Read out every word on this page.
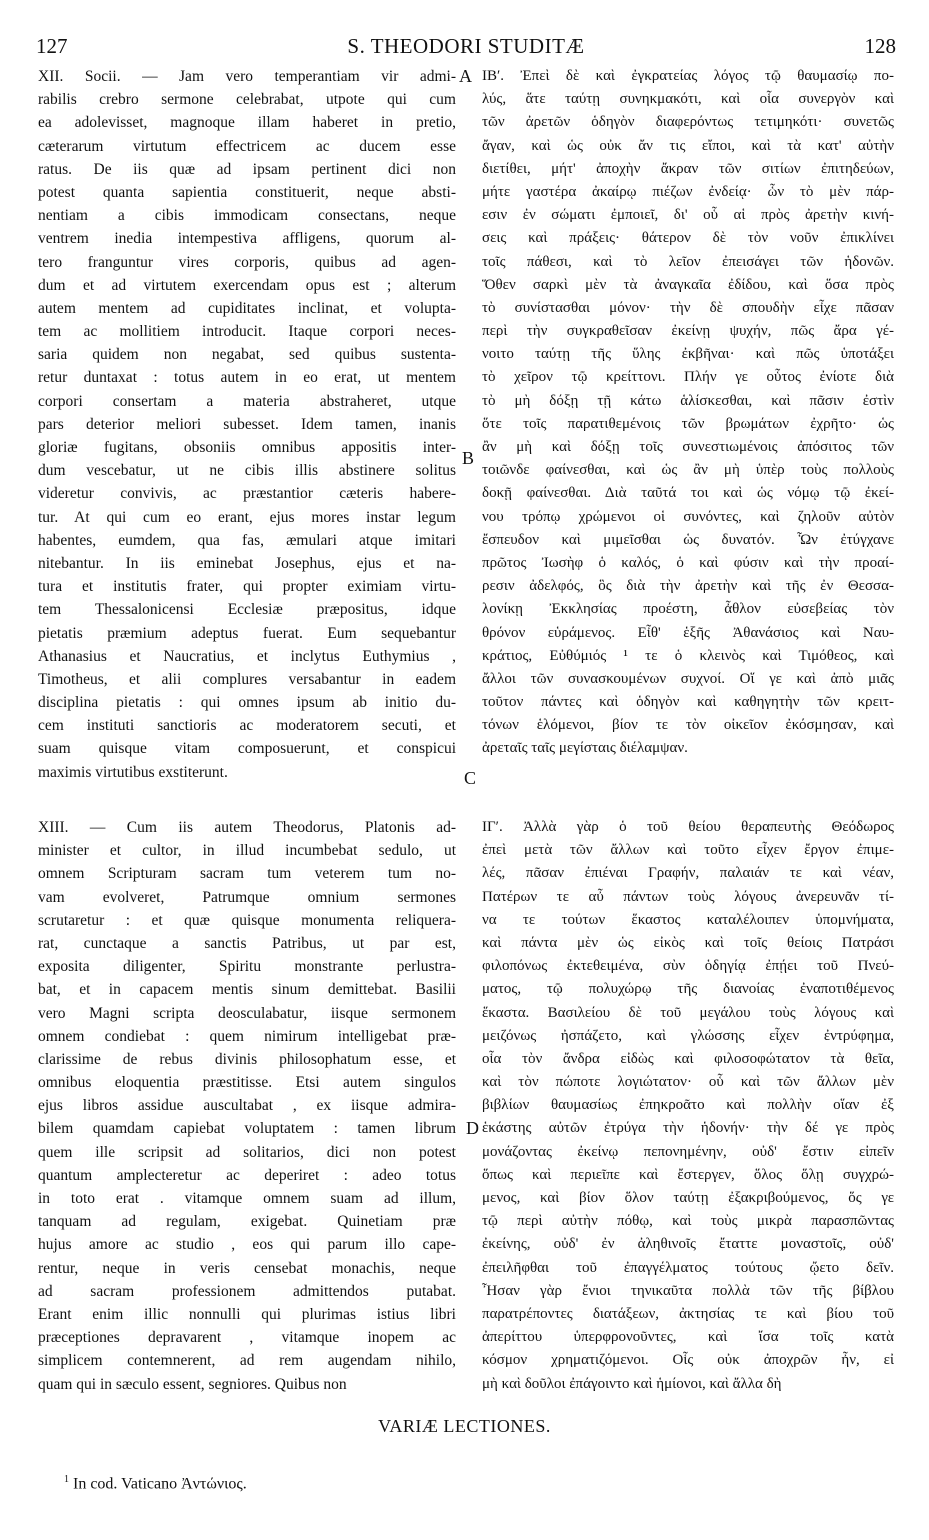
127	S. THEODORI STUDITÆ	128
XII. Socii. — Jam vero temperantiam vir admi-
rabilis crebro sermone celebrabat, utpote qui cum
ea adolevisset, magnoque illam haberet in pretio,
cæterarum virtutum effectricem ac ducem esse
ratus. De iis quæ ad ipsam pertinent dici non
potest quanta sapientia constituerit, neque absti-
nentiam a cibis immodicam consectans, neque
ventrem inedia intempestiva affligens, quorum al-
tero franguntur vires corporis, quibus ad agen-
dum et ad virtutem exercendam opus est ; alterum
autem mentem ad cupiditates inclinat, et volupta-
tem ac mollitiem introducit. Itaque corpori neces-
saria quidem non negabat, sed quibus sustenta-
retur duntaxat : totus autem in eo erat, ut mentem
corpori consertam a materia abstraheret, utque
pars deterior meliori subesset. Idem tamen, inanis
gloriæ fugitans, obsoniis omnibus appositis inter-
dum vescebatur, ut ne cibis illis abstinere solitus
videretur convivis, ac præstantior cæteris habere-
tur. At qui cum eo erant, ejus mores instar legum
habentes, eumdem, qua fas, æmulari atque imitari
nitebantur. In iis eminebat Josephus, ejus et na-
tura et institutis frater, qui propter eximiam virtu-
tem Thessalonicensi Ecclesiæ præpositus, idque
pietatis præmium adeptus fuerat. Eum sequebantur
Athanasius et Naucratius, et inclytus Euthymius ,
Timotheus, et alii complures versabantur in eadem
disciplina pietatis : qui omnes ipsum ab initio du-
cem instituti sanctioris ac moderatorem secuti, et
suam quisque vitam composuerunt, et conspicui
maximis virtutibus exstiterunt.
XIII. — Cum iis autem Theodorus, Platonis ad-
minister et cultor, in illud incumbebat sedulo, ut
omnem Scripturam sacram tum veterem tum no-
vam evolveret, Patrumque omnium sermones
scrutaretur : et quæ quisque monumenta reliquera-
rat, cunctaque a sanctis Patribus, ut par est,
exposita diligenter, Spiritu monstrante perlustra-
bat, et in capacem mentis sinum demittebat. Basilii
vero Magni scripta deosculabatur, iisque sermonem
omnem condiebat : quem nimirum intelligebat præ-
clarissime de rebus divinis philosophatum esse, et
omnibus eloquentia præstitisse. Etsi autem singulos
ejus libros assidue auscultabat , ex iisque admira-
bilem quamdam capiebat voluptatem : tamen librum
quem ille scripsit ad solitarios, dici non potest
quantum amplecteretur ac deperiret : adeo totus
in toto erat . vitamque omnem suam ad illum,
tanquam ad regulam, exigebat. Quinetiam præ
hujus amore ac studio , eos qui parum illo cape-
rentur, neque in veris censebat monachis, neque
ad sacram professionem admittendos putabat.
Erant enim illic nonnulli qui plurimas istius libri
præceptiones depravarent , vitamque inopem ac
simplicem contemnerent, ad rem augendam nihilo,
quam qui in sæculo essent, segniores. Quibus non
ΙΒʹ. Ἐπεὶ δὲ καὶ ἐγκρατείας λόγος τῷ θαυμασίῳ πο-
λύς, ἅτε ταύτῃ συνηκμακότι, καὶ οἷα συνεργὸν καὶ
τῶν ἀρετῶν ὁδηγὸν διαφερόντως τετιμηκότι· συνετῶς
ἄγαν, καὶ ὡς οὐκ ἄν τις εἴποι, καὶ τὰ κατ' αὐτὴν
διετίθει, μήτ' ἀποχὴν ἄκραν τῶν σιτίων ἐπιτηδεύων,
μήτε γαστέρα ἀκαίρῳ πιέζων ἐνδείᾳ· ὧν τὸ μὲν πάρ-
εσιν ἐν σώματι ἐμποιεῖ, δι' οὗ αἱ πρὸς ἀρετὴν κινή-
σεις καὶ πράξεις· θάτερον δὲ τὸν νοῦν ἐπικλίνει
τοῖς πάθεσι, καὶ τὸ λεῖον ἐπεισάγει τῶν ἡδονῶν.
Ὅθεν σαρκὶ μὲν τὰ ἀναγκαῖα ἐδίδου, καὶ ὅσα πρὸς
τὸ συνίστασθαι μόνον· τὴν δὲ σπουδὴν εἶχε πᾶσαν
περὶ τὴν συγκραθεῖσαν ἐκείνῃ ψυχήν, πῶς ἄρα γέ-
νοιτο ταύτῃ τῆς ὕλης ἐκβῆναι· καὶ πῶς ὑποτάξει
τὸ χεῖρον τῷ κρείττονι. Πλήν γε οὗτος ἐνίοτε διὰ
τὸ μὴ δόξῃ τῇ κάτω ἁλίσκεσθαι, καὶ πᾶσιν ἐστὶν
ὅτε τοῖς παρατιθεμένοις τῶν βρωμάτων ἐχρῆτο· ὡς
ἂν μὴ καὶ δόξῃ τοῖς συνεστιωμένοις ἀπόσιτος τῶν
τοιῶνδε φαίνεσθαι, καὶ ὡς ἂν μὴ ὑπὲρ τοὺς πολλοὺς
δοκῇ φαίνεσθαι. Διὰ ταῦτά τοι καὶ ὡς νόμῳ τῷ ἐκεί-
νου τρόπῳ χρώμενοι οἱ συνόντες, καὶ ζηλοῦν αὐτὸν
ἔσπευδον καὶ μιμεῖσθαι ὡς δυνατόν. Ὧν ἐτύγχανε
πρῶτος Ἰωσὴφ ὁ καλός, ὁ καὶ φύσιν καὶ τὴν προαί-
ρεσιν ἀδελφός, ὃς διὰ τὴν ἀρετὴν καὶ τῆς ἐν Θεσσα-
λονίκῃ Ἐκκλησίας προέστη, ἆθλον εὐσεβείας τὸν
θρόνον εὑράμενος. Εἶθ' ἑξῆς Ἀθανάσιος καὶ Ναυ-
κράτιος, Εὐθύμιός ¹ τε ὁ κλεινὸς καὶ Τιμόθεος, καὶ
ἄλλοι τῶν συνασκουμένων συχνοί. Οἵ γε καὶ ἀπὸ μιᾶς
τοῦτον πάντες καὶ ὁδηγὸν καὶ καθηγητὴν τῶν κρειτ-
τόνων ἑλόμενοι, βίον τε τὸν οἰκεῖον ἐκόσμησαν, καὶ
ἀρεταῖς ταῖς μεγίσταις διέλαμψαν.
ΙΓʹ. Ἀλλὰ γὰρ ὁ τοῦ θείου θεραπευτὴς Θεόδωρος
ἐπεὶ μετὰ τῶν ἄλλων καὶ τοῦτο εἶχεν ἔργον ἐπιμε-
λές, πᾶσαν ἐπιέναι Γραφήν, παλαιάν τε καὶ νέαν,
Πατέρων τε αὖ πάντων τοὺς λόγους ἀνερευνᾶν τί-
να τε τούτων ἕκαστος καταλέλοιπεν ὑπομνήματα,
καὶ πάντα μὲν ὡς εἰκὸς καὶ τοῖς θείοις Πατράσι
φιλοπόνως ἐκτεθειμένα, σὺν ὁδηγίᾳ ἐπῄει τοῦ Πνεύ-
ματος, τῷ πολυχώρῳ τῆς διανοίας ἐναποτιθέμενος
ἕκαστα. Βασιλείου δὲ τοῦ μεγάλου τοὺς λόγους καὶ
μειζόνως ἠσπάζετο, καὶ γλώσσης εἶχεν ἐντρύφημα,
οἷα τὸν ἄνδρα εἰδὼς καὶ φιλοσοφώτατον τὰ θεῖα,
καὶ τὸν πώποτε λογιώτατον· οὗ καὶ τῶν ἄλλων μὲν
βιβλίων θαυμασίως ἐπηκροᾶτο καὶ πολλὴν οἵαν ἐξ
ἑκάστης αὐτῶν ἐτρύγα τὴν ἡδονήν· τὴν δέ γε πρὸς
μονάζοντας ἐκείνῳ πεπονημένην, οὐδ' ἔστιν εἰπεῖν
ὅπως καὶ περιεῖπε καὶ ἔστεργεν, ὅλος ὅλῃ συγχρώ-
μενος, καὶ βίον ὅλον ταύτῃ ἐξακριβούμενος, ὅς γε
τῷ περὶ αὐτὴν πόθῳ, καὶ τοὺς μικρὰ παρασπῶντας
ἐκείνης, οὐδ' ἐν ἀληθινοῖς ἔταττε μοναστοῖς, οὐδ'
ἐπειλῆφθαι τοῦ ἐπαγγέλματος τούτους ᾤετο δεῖν.
Ἦσαν γὰρ ἔνιοι τηνικαῦτα πολλὰ τῶν τῆς βίβλου
παρατρέποντες διατάξεων, ἀκτησίας τε καὶ βίου τοῦ
ἀπερίττου ὑπερφρονοῦντες, καὶ ἴσα τοῖς κατὰ
κόσμον χρηματιζόμενοι. Οἷς οὐκ ἀποχρῶν ἦν, εἰ
μὴ καὶ δοῦλοι ἐπάγοιντο καὶ ἡμίονοι, καὶ ἄλλα δὴ
A
B
C
D
VARIÆ LECTIONES.
$^1$ In cod. Vaticano Ἀντώνιος.
